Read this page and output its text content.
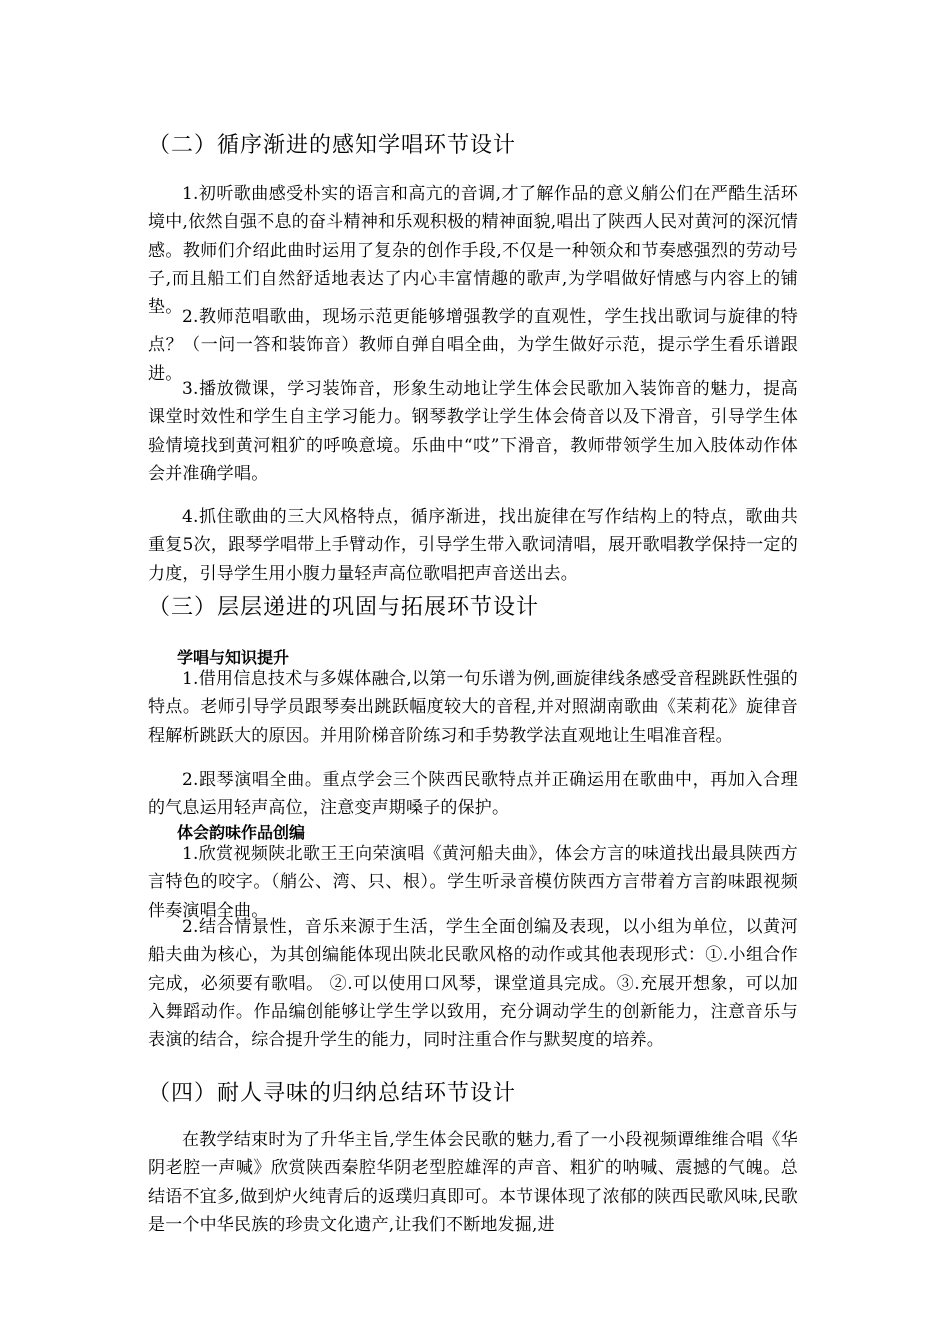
（二）循序渐进的感知学唱环节设计

1.初听歌曲感受朴实的语言和高亢的音调,才了解作品的意义艄公们在严酷生活环境中,依然自强不息的奋斗精神和乐观积极的精神面貌,唱出了陕西人民对黄河的深沉情感。教师们介绍此曲时运用了复杂的创作手段,不仅是一种领众和节奏感强烈的劳动号子,而且船工们自然舒适地表达了内心丰富情趣的歌声,为学唱做好情感与内容上的铺垫。 2.教师范唱歌曲，现场示范更能够增强教学的直观性，学生找出歌词与旋律的特点？（一问一答和装饰音）教师自弹自唱全曲，为学生做好示范，提示学生看乐谱跟进。

3.播放微课，学习装饰音，形象生动地让学生体会民歌加入装饰音的魅力，提高课堂时效性和学生自主学习能力。钢琴教学让学生体会倚音以及下滑音，引导学生体验情境找到黄河粗犷的呼唤意境。乐曲中“哎”下滑音，教师带领学生加入肢体动作体会并准确学唱。

4.抓住歌曲的三大风格特点，循序渐进，找出旋律在写作结构上的特点，歌曲共重复5次，跟琴学唱带上手臂动作，引导学生带入歌词清唱，展开歌唱教学保持一定的力度，引导学生用小腹力量轻声高位歌唱把声音送出去。

（三）层层递进的巩固与拓展环节设计
学唱与知识提升

1.借用信息技术与多媒体融合,以第一句乐谱为例,画旋律线条感受音程跳跃性强的特点。老师引导学员跟琴奏出跳跃幅度较大的音程,并对照湖南歌曲《茉莉花》旋律音程解析跳跃大的原因。并用阶梯音阶练习和手势教学法直观地让生唱准音程。

2.跟琴演唱全曲。重点学会三个陕西民歌特点并正确运用在歌曲中，再加入合理的气息运用轻声高位，注意变声期嗓子的保护。

体会韵味作品创编

1.欣赏视频陕北歌王王向荣演唱《黄河船夫曲》，体会方言的味道找出最具陕西方言特色的咬字。（艄公、湾、只、根）。学生听录音模仿陕西方言带着方言韵味跟视频伴奏演唱全曲。

2.结合情景性，音乐来源于生活，学生全面创编及表现，以小组为单位，以黄河船夫曲为核心，为其创编能体现出陕北民歌风格的动作或其他表现形式：①.小组合作完成，必须要有歌唱。 ②.可以使用口风琴，课堂道具完成。③.充展开想象，可以加入舞蹈动作。作品编创能够让学生学以致用，充分调动学生的创新能力，注意音乐与表演的结合，综合提升学生的能力，同时注重合作与默契度的培养。

（四）耐人寻味的归纳总结环节设计

在教学结束时为了升华主旨,学生体会民歌的魅力,看了一小段视频谭维维合唱《华阴老腔一声喊》欣赏陕西秦腔华阴老型腔雄浑的声音、粗犷的呐喊、震撼的气魄。总结语不宜多,做到炉火纯青后的返璞归真即可。本节课体现了浓郁的陕西民歌风味,民歌是一个中华民族的珍贵文化遗产,让我们不断地发掘,进
